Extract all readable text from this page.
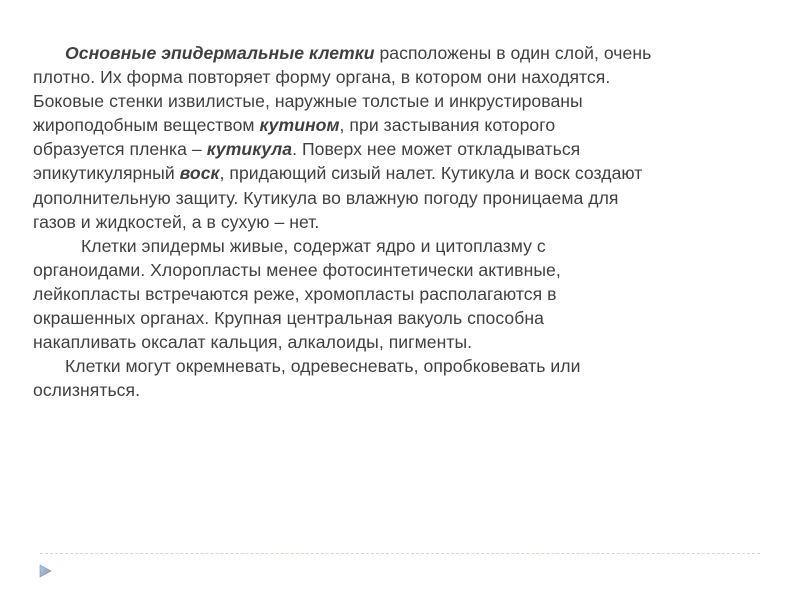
Основные эпидермальные клетки расположены в один слой, очень
плотно. Их форма повторяет форму органа, в котором они находятся.
Боковые стенки извилистые, наружные толстые и инкрустированы
жироподобным веществом кутином, при застывания которого
образуется пленка – кутикула. Поверх нее может откладываться
эпикутикулярный воск, придающий сизый налет. Кутикула и воск создают
дополнительную защиту. Кутикула во влажную погоду проницаема для
газов и жидкостей, а в сухую – нет.

Клетки эпидермы живые, содержат ядро и цитоплазму с
органоидами. Хлоропласты менее фотосинтетически активные,
лейкопласты встречаются реже, хромопласты располагаются в
окрашенных органах. Крупная центральная вакуоль способна
накапливать оксалат кальция, алкалоиды, пигменты.

Клетки могут окремневать, одревесневать, опробковевать или
ослизняться.
